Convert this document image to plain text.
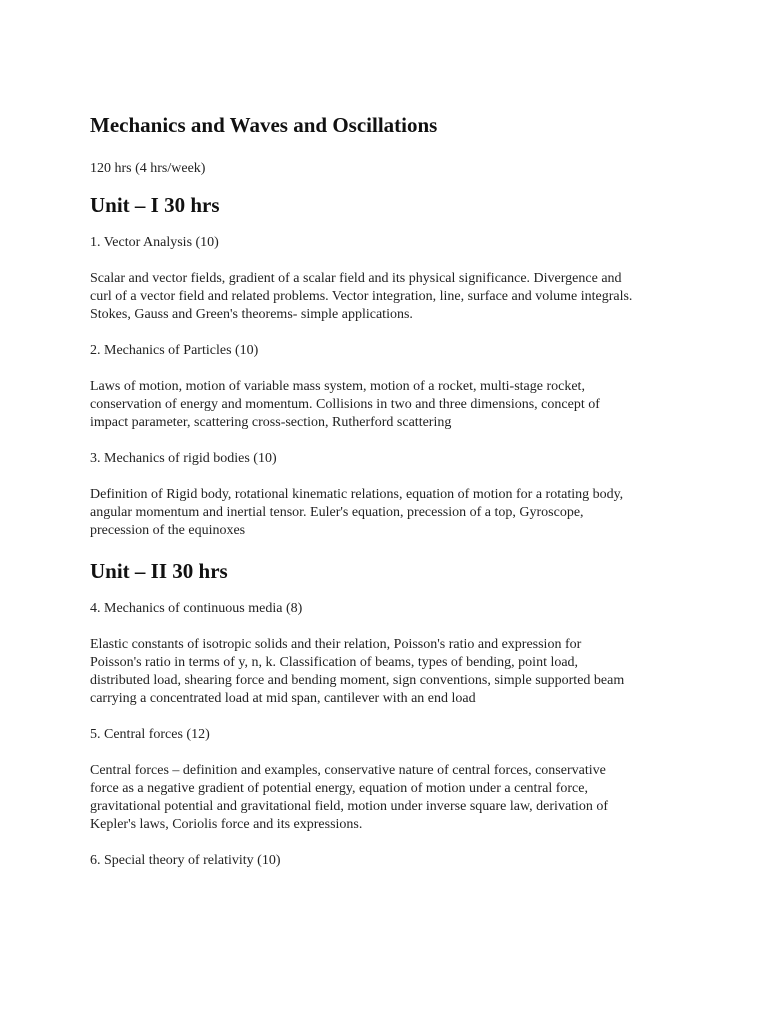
Mechanics and Waves and Oscillations
120 hrs (4 hrs/week)
Unit – I 30 hrs
1. Vector Analysis (10)
Scalar and vector fields, gradient of a scalar field and its physical significance. Divergence and
curl of a vector field and related problems. Vector integration, line, surface and volume integrals.
Stokes, Gauss and Green's theorems- simple applications.
2. Mechanics of Particles (10)
Laws of motion, motion of variable mass system, motion of a rocket, multi-stage rocket,
conservation of energy and momentum. Collisions in two and three dimensions, concept of
impact parameter, scattering cross-section, Rutherford scattering
3. Mechanics of rigid bodies (10)
Definition of Rigid body, rotational kinematic relations, equation of motion for a rotating body,
angular momentum and inertial tensor. Euler's equation, precession of a top, Gyroscope,
precession of the equinoxes
Unit – II 30 hrs
4. Mechanics of continuous media (8)
Elastic constants of isotropic solids and their relation, Poisson's ratio and expression for
Poisson's ratio in terms of y, n, k. Classification of beams, types of bending, point load,
distributed load, shearing force and bending moment, sign conventions, simple supported beam
carrying a concentrated load at mid span, cantilever with an end load
5. Central forces (12)
Central forces – definition and examples, conservative nature of central forces, conservative
force as a negative gradient of potential energy, equation of motion under a central force,
gravitational potential and gravitational field, motion under inverse square law, derivation of
Kepler's laws, Coriolis force and its expressions.
6. Special theory of relativity (10)
